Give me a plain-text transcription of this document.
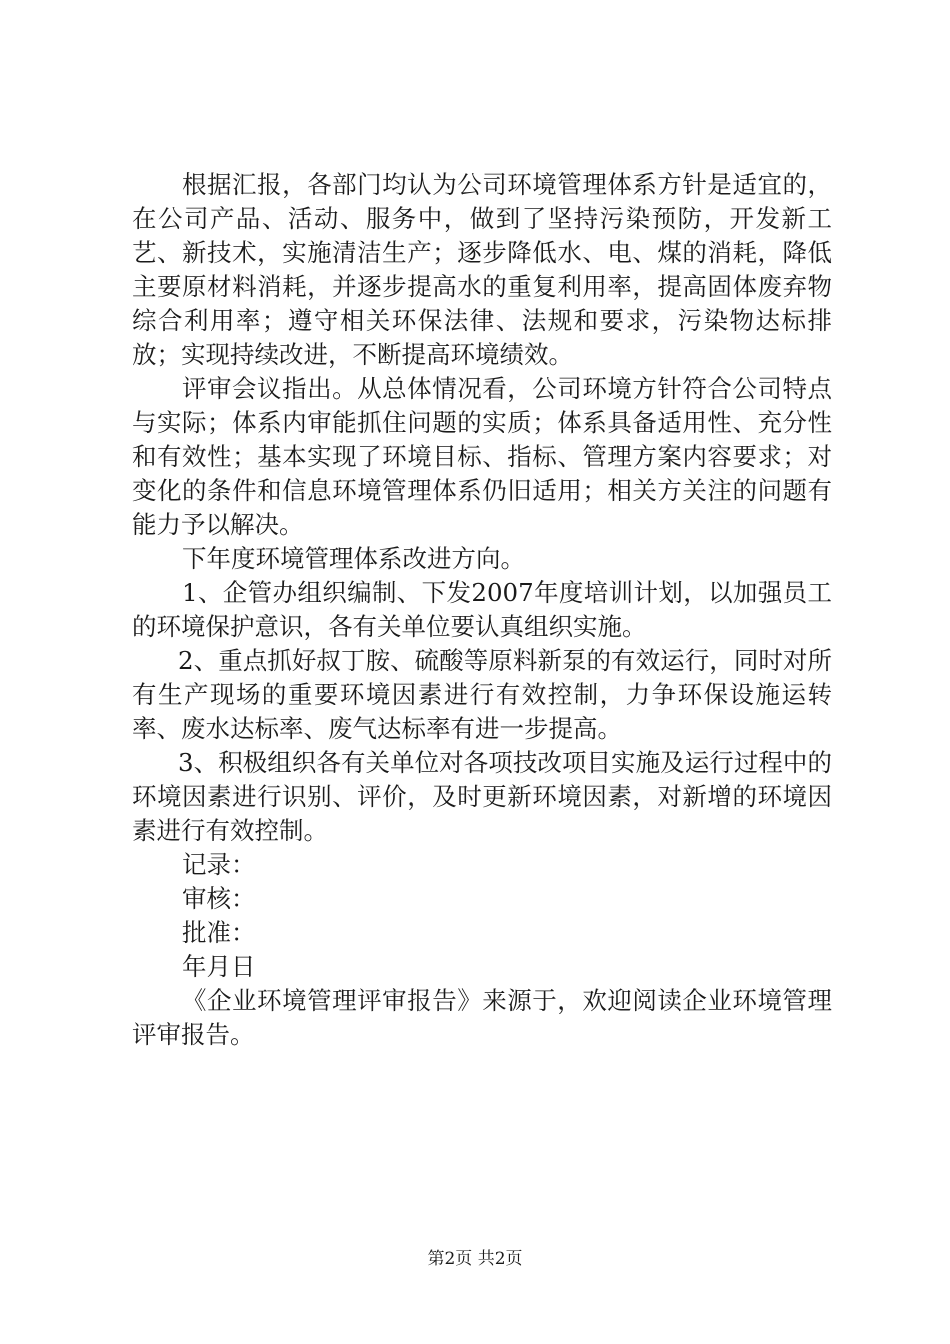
根据汇报，各部门均认为公司环境管理体系方针是适宜的，在公司产品、活动、服务中，做到了坚持污染预防，开发新工艺、新技术，实施清洁生产；逐步降低水、电、煤的消耗，降低主要原材料消耗，并逐步提高水的重复利用率，提高固体废弃物综合利用率；遵守相关环保法律、法规和要求，污染物达标排放；实现持续改进，不断提高环境绩效。

评审会议指出。从总体情况看，公司环境方针符合公司特点与实际；体系内审能抓住问题的实质；体系具备适用性、充分性和有效性；基本实现了环境目标、指标、管理方案内容要求；对变化的条件和信息环境管理体系仍旧适用；相关方关注的问题有能力予以解决。

下年度环境管理体系改进方向。

1、企管办组织编制、下发2007年度培训计划，以加强员工的环境保护意识，各有关单位要认真组织实施。

2、重点抓好叔丁胺、硫酸等原料新泵的有效运行，同时对所有生产现场的重要环境因素进行有效控制，力争环保设施运转率、废水达标率、废气达标率有进一步提高。

3、积极组织各有关单位对各项技改项目实施及运行过程中的环境因素进行识别、评价，及时更新环境因素，对新增的环境因素进行有效控制。

记录：

审核：

批准：

年月日

《企业环境管理评审报告》来源于，欢迎阅读企业环境管理评审报告。

第2页 共2页
